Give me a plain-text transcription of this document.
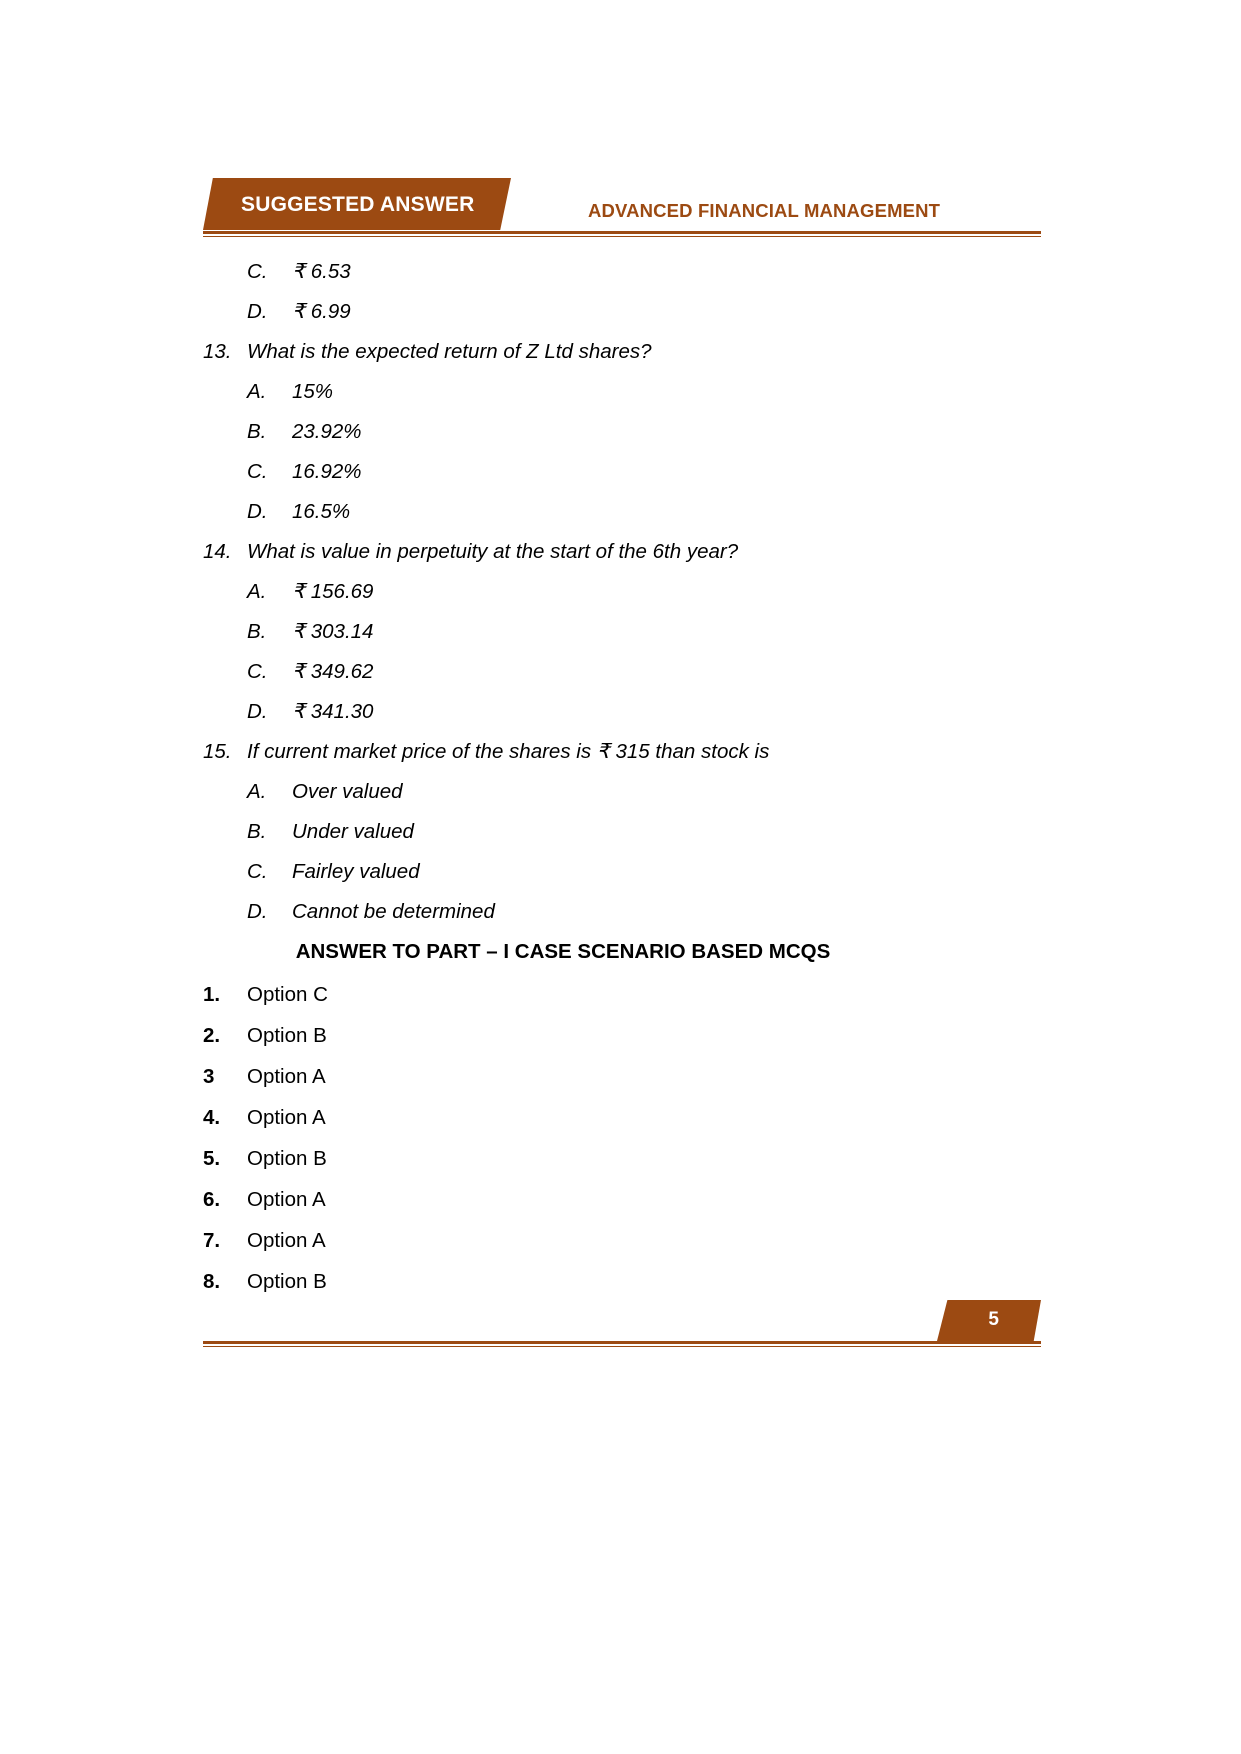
SUGGESTED ANSWER	ADVANCED FINANCIAL MANAGEMENT
C.	₹ 6.53
D.	₹ 6.99
13. What is the expected return of Z Ltd shares?
A.	15%
B.	23.92%
C.	16.92%
D.	16.5%
14. What is value in perpetuity at the start of the 6th year?
A.	₹ 156.69
B.	₹ 303.14
C.	₹ 349.62
D.	₹ 341.30
15. If current market price of the shares is ₹ 315 than stock is
A.	Over valued
B.	Under valued
C.	Fairley valued
D.	Cannot be determined
ANSWER TO PART – I CASE SCENARIO BASED MCQS
1.	Option C
2.	Option B
3	Option A
4.	Option A
5.	Option B
6.	Option A
7.	Option A
8.	Option B
5
